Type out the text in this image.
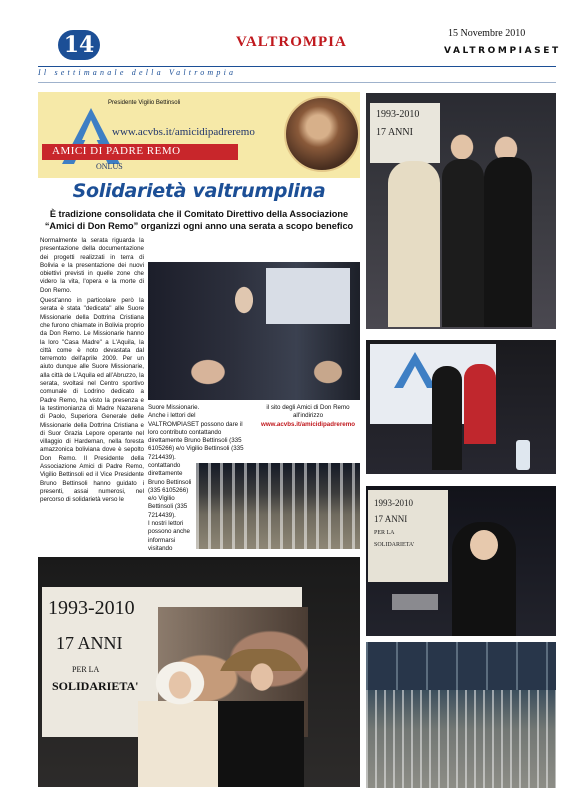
14	VALTROMPIA
15 Novembre 2010
VALTROMPIASET
Il settimanale della Valtrompia
Presidente Vigilio Bettinsoli
www.acvbs.it/amicidipadreremo
AMICI DI PADRE REMO
ONLUS
Solidarietà valtrumplina
È tradizione consolidata che il Comitato Direttivo della Associazione “Amici di Don Remo” organizzi ogni anno una serata a scopo benefico

Normalmente la serata riguarda la presentazione della documentazione dei progetti realizzati in terra di Bolivia e la presentazione dei nuovi obiettivi previsti in quelle zone che videro la vita, l'opera e la morte di Don Remo.

Quest'anno in particolare però la serata è stata "dedicata" alle Suore Missionarie della Dottrina Cristiana che furono chiamate in Bolivia proprio da Don Remo. Le Missionarie hanno la loro "Casa Madre" a L'Aquila, la città come è noto devastata dal terremoto dell'aprile 2009. Per un aiuto dunque alle Suore Missionarie, alla città de L'Aquila ed all'Abruzzo, la serata, svoltasi nel Centro sportivo comunale di Lodrino dedicato a Padre Remo, ha visto la presenza e la testimonianza di Madre Nazarena di Paolo, Superiora Generale delle Missionarie della Dottrina Cristiana e di Suor Grazia Lepore operante nel villaggio di Hardeman, nella foresta amazzonica boliviana dove è sepolto Don Remo. Il Presidente della Associazione Amici di Padre Remo, Vigilio Bettinsoli ed il Vice Presidente Bruno Bettinsoli hanno guidato i presenti, assai numerosi, nel percorso di solidarietà verso le

Suore Missionarie.
Anche i lettori del VALTROMPIASET possono dare il loro contributo contattando direttamente Bruno Bettinsoli (335 6105266) e/o Vigilio Bettinsoli (335 7214439).
contattando direttamente Bruno Bettinsoli (335 6105266) e/o Vigilio Bettinsoli (335 7214439).
il sito degli Amici di Don Remo all'indirizzo
www.acvbs.it/amicidipadreremo

I nostri lettori possono anche informarsi visitando

1993-2010
17 ANNI
PER LA
SOLIDARIETA'
1993-2010
17 ANNI
1993-2010
17 ANNI
PER LA
SOLIDARIETA'
